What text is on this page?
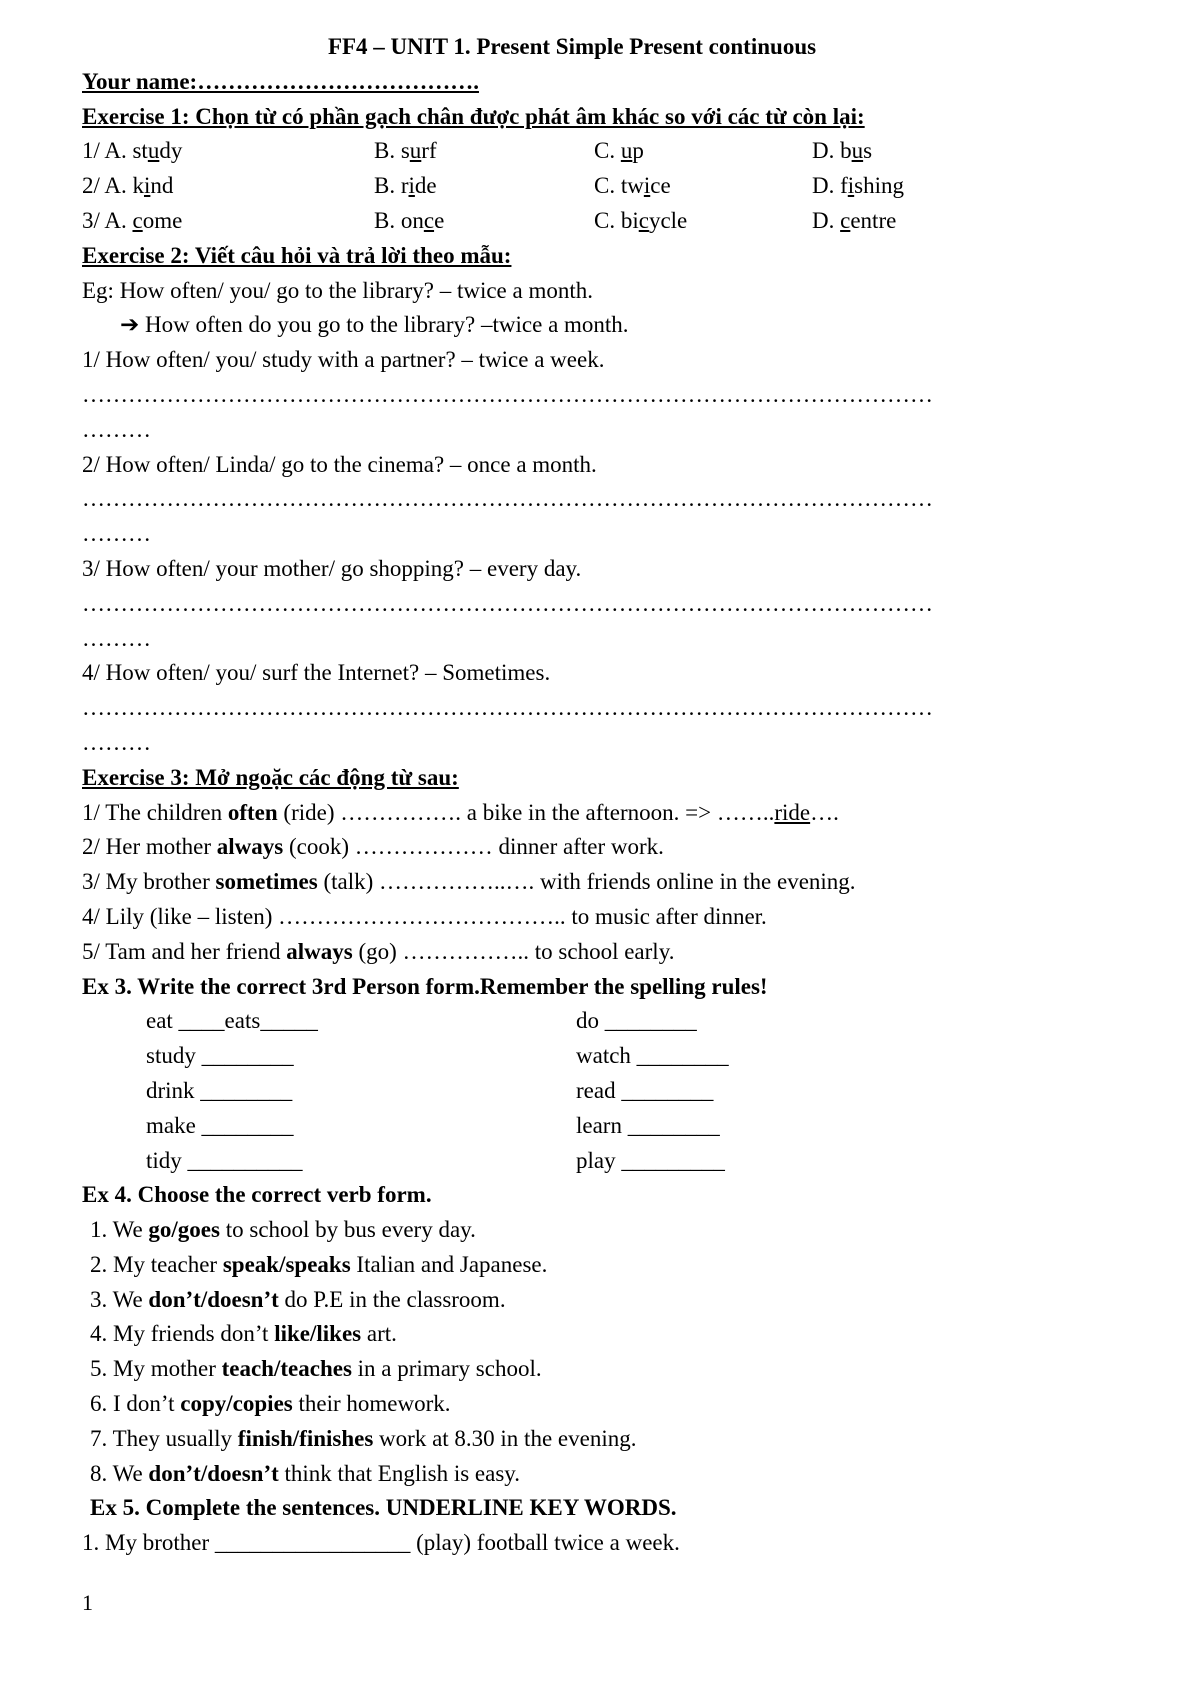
FF4 – UNIT 1. Present Simple Present continuous
Your name:……………………………….
Exercise 1: Chọn từ có phần gạch chân được phát âm khác so với các từ còn lại:
1/ A. study	B. surf	C. up	D. bus
2/ A. kind	B. ride	C. twice	D. fishing
3/ A. come	B. once	C. bicycle	D. centre
Exercise 2: Viết câu hỏi và trả lời theo mẫu:
Eg: How often/ you/ go to the library? – twice a month.
➔ How often do you go to the library? –twice a month.
1/ How often/ you/ study with a partner? – twice a week.
…………………………………………………………………………………………………
………
2/ How often/ Linda/ go to the cinema? – once a month.
…………………………………………………………………………………………………
………
3/ How often/ your mother/ go shopping? – every day.
…………………………………………………………………………………………………
………
4/ How often/ you/ surf the Internet? – Sometimes.
…………………………………………………………………………………………………
………
Exercise 3: Mở ngoặc các động từ sau:
1/ The children often (ride) ……………. a bike in the afternoon. => ……..ride….
2/ Her mother always (cook) ……………… dinner after work.
3/ My brother sometimes (talk) ……………..…. with friends online in the evening.
4/ Lily (like – listen) ……………………………….. to music after dinner.
5/ Tam and her friend always (go) …………….. to school early.
Ex 3. Write the correct 3rd Person form.Remember the spelling rules!
eat ____eats_____	do ________
study ________	watch ________
drink ________	read ________
make ________	learn ________
tidy __________	play _________
Ex 4. Choose the correct verb form.
1. We go/goes to school by bus every day.
2. My teacher speak/speaks Italian and Japanese.
3. We don’t/doesn’t do P.E in the classroom.
4. My friends don’t like/likes art.
5. My mother teach/teaches in a primary school.
6. I don’t copy/copies their homework.
7. They usually finish/finishes work at 8.30 in the evening.
8. We don’t/doesn’t think that English is easy.
Ex 5. Complete the sentences. UNDERLINE KEY WORDS.
1. My brother _________________ (play) football twice a week.
1
